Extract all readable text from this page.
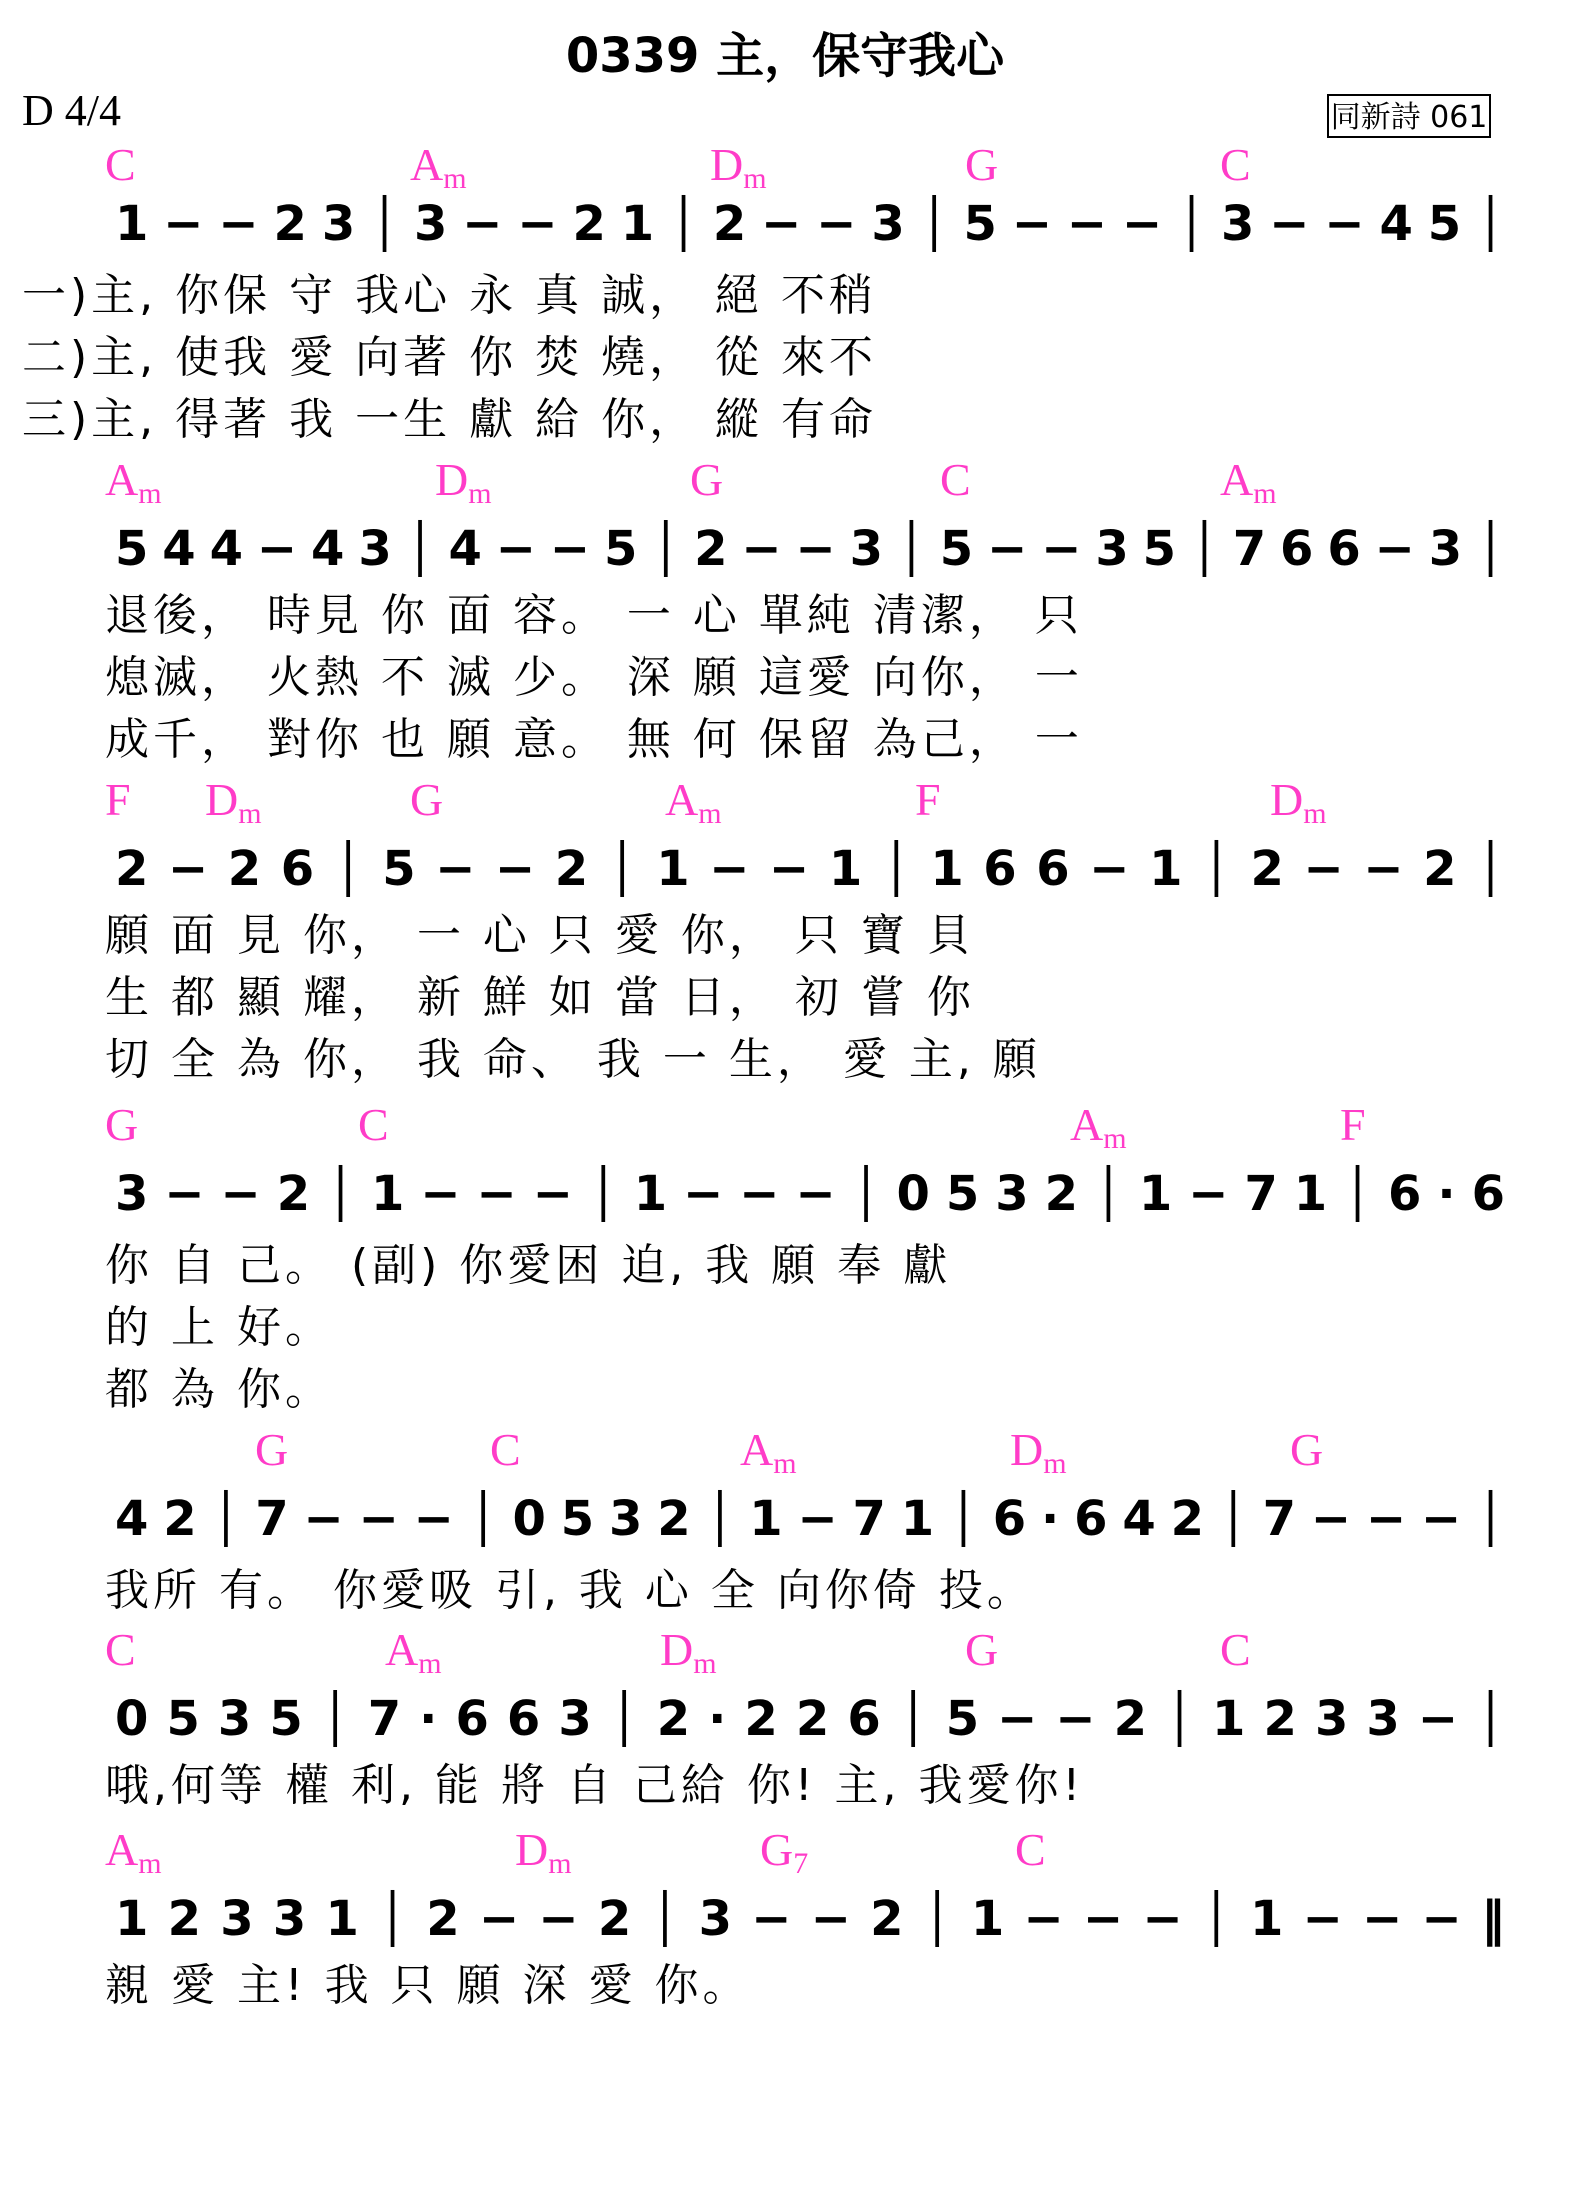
0339 主，保守我心
D 4/4	同新詩 061
C	Am	Dm	G	C
1 − − 2 3 │ 3 − − 2 1 │ 2 − − 3 │ 5 − − − │ 3 − − 4 5 │
一)主, 你保 守 我心 永 真 誠， 絕 不稍
二)主, 使我 愛 向著 你 焚 燒， 從 來不
三)主, 得著 我 一生 獻 給 你， 縱 有命
Am	Dm	G	C	Am
5 4 4 − 4 3 │ 4 − − 5 │ 2 − − 3 │ 5 − − 3 5 │ 7 6 6 − 3 │
退後， 時見 你 面 容。 一 心 單純 清潔， 只
熄滅， 火熱 不 滅 少。 深 願 這愛 向你， 一
成千， 對你 也 願 意。 無 何 保留 為己， 一
F Dm	G	Am	F	Dm
2 − 2 6 │ 5 − − 2 │ 1 − − 1 │ 1 6 6 − 1 │ 2 − − 2 │
願 面 見 你， 一 心 只 愛 你， 只 寶 貝
生 都 顯 耀， 新 鮮 如 當 日， 初 嘗 你
切 全 為 你， 我 命、 我 一 生， 愛 主, 願
G	C	Am	F
3 − − 2 │ 1 − − − │ 1 − − − │ 0 5 3 2 │ 1 − 7 1 │ 6 · 6
你 自 己。 (副) 你愛困 迫, 我 願 奉 獻
的 上 好。
都 為 你。
G	C	Am	Dm	G
4 2 │ 7 − − − │ 0 5 3 2 │ 1 − 7 1 │ 6 · 6 4 2 │ 7 − − − │
我所 有。 你愛吸 引, 我 心 全 向你倚 投。
C	Am	Dm	G	C
0 5 3 5 │ 7 · 6 6 3 │ 2 · 2 2 6 │ 5 − − 2 │ 1 2 3 3 − │
哦,何等 權 利, 能 將 自 己給 你! 主, 我愛你!
Am	Dm	G7	C
1 2 3 3 1 │ 2 − − 2 │ 3 − − 2 │ 1 − − − │ 1 − − − ‖
親 愛 主! 我 只 願 深 愛 你。
